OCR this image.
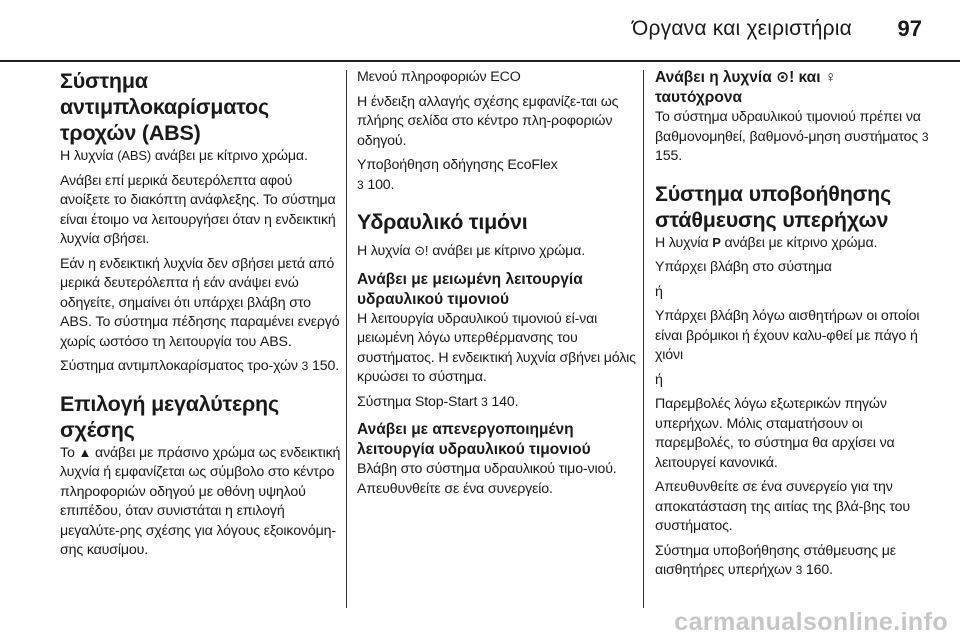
Όργανα και χειριστήρια 97
Σύστημα
αντιμπλοκαρίσματος
τροχών (ABS)

Η λυχνία (ABS) ανάβει με κίτρινο χρώμα.

Ανάβει επί μερικά δευτερόλεπτα αφού ανοίξετε το διακόπτη ανάφλεξης. Το σύστημα είναι έτοιμο να λειτουργήσει όταν η ενδεικτική λυχνία σβήσει.

Εάν η ενδεικτική λυχνία δεν σβήσει μετά από μερικά δευτερόλεπτα ή εάν ανάψει ενώ οδηγείτε, σημαίνει ότι υπάρχει βλάβη στο ABS. Το σύστημα πέδησης παραμένει ενεργό χωρίς ωστόσο τη λειτουργία του ABS.

Σύστημα αντιμπλοκαρίσματος τρο-χών 3 150.

Επιλογή μεγαλύτερης
σχέσης

Το ▲ ανάβει με πράσινο χρώμα ως ενδεικτική λυχνία ή εμφανίζεται ως σύμβολο στο κέντρο πληροφοριών οδηγού με οθόνη υψηλού επιπέδου, όταν συνιστάται η επιλογή μεγαλύτε-ρης σχέσης για λόγους εξοικονόμη-σης καυσίμου.

Μενού πληροφοριών ECO

Η ένδειξη αλλαγής σχέσης εμφανίζε-ται ως πλήρης σελίδα στο κέντρο πλη-ροφοριών οδηγού.

Υποβοήθηση οδήγησης EcoFlex
3 100.

Υδραυλικό τιμόνι

Η λυχνία ⊙! ανάβει με κίτρινο χρώμα.

Ανάβει με μειωμένη λειτουργία
υδραυλικού τιμονιού

Η λειτουργία υδραυλικού τιμονιού εί-ναι μειωμένη λόγω υπερθέρμανσης του συστήματος. Η ενδεικτική λυχνία σβήνει μόλις κρυώσει το σύστημα.

Σύστημα Stop-Start 3 140.

Ανάβει με απενεργοποιημένη
λειτουργία υδραυλικού τιμονιού

Βλάβη στο σύστημα υδραυλικού τιμο-νιού. Απευθυνθείτε σε ένα συνεργείο.

Ανάβει η λυχνία ⊙! και ♀
ταυτόχρονα

Το σύστημα υδραυλικού τιμονιού πρέπει να βαθμονομηθεί, βαθμονό-μηση συστήματος 3 155.

Σύστημα υποβοήθησης
στάθμευσης υπερήχων

Η λυχνία P ανάβει με κίτρινο χρώμα.

Υπάρχει βλάβη στο σύστημα

ή

Υπάρχει βλάβη λόγω αισθητήρων οι οποίοι είναι βρόμικοι ή έχουν καλυ-φθεί με πάγο ή χιόνι

ή

Παρεμβολές λόγω εξωτερικών πηγών υπερήχων. Μόλις σταματήσουν οι παρεμβολές, το σύστημα θα αρχίσει να λειτουργεί κανονικά.

Απευθυνθείτε σε ένα συνεργείο για την αποκατάσταση της αιτίας της βλά-βης του συστήματος.

Σύστημα υποβοήθησης στάθμευσης με αισθητήρες υπερήχων 3 160.

carmanualsonline.info
